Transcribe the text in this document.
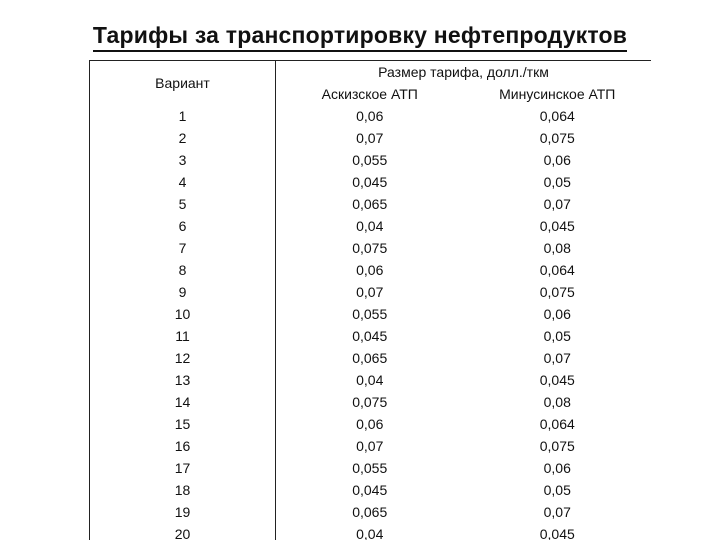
Тарифы за транспортировку нефтепродуктов
Вариант	Размер тарифа, долл./ткм	
	Аскизское АТП	Минусинское АТП
1	0,06	0,064
2	0,07	0,075
3	0,055	0,06
4	0,045	0,05
5	0,065	0,07
6	0,04	0,045
7	0,075	0,08
8	0,06	0,064
9	0,07	0,075
10	0,055	0,06
11	0,045	0,05
12	0,065	0,07
13	0,04	0,045
14	0,075	0,08
15	0,06	0,064
16	0,07	0,075
17	0,055	0,06
18	0,045	0,05
19	0,065	0,07
20	0,04	0,045
